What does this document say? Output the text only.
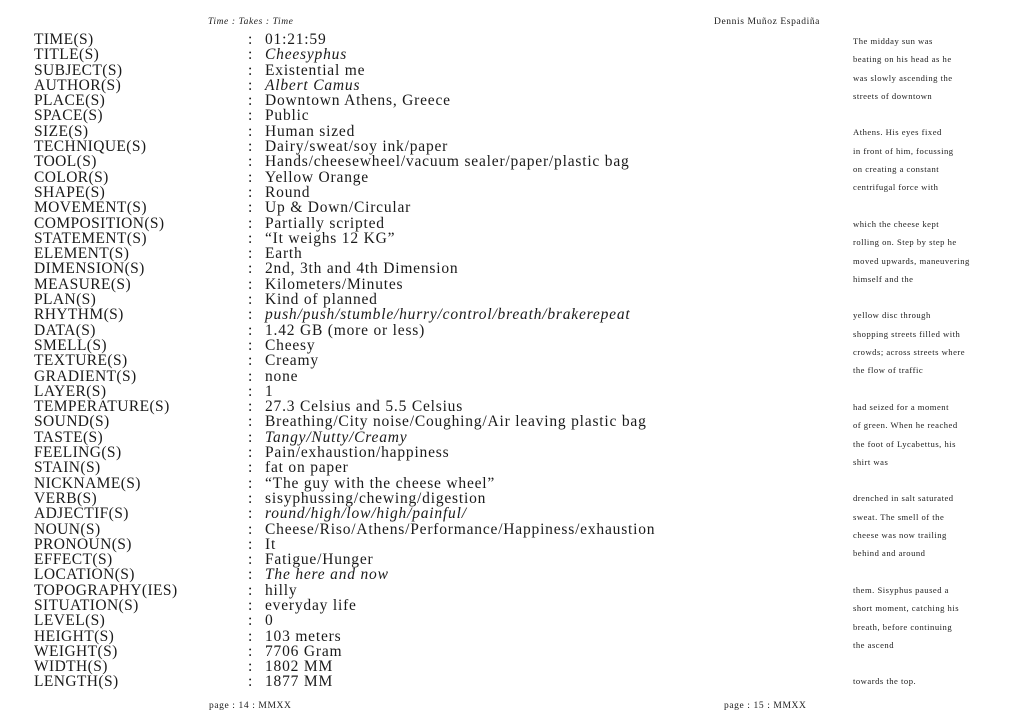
Time : Takes : Time	Dennis Muñoz Espadiña
TIME(S)	: 01:21:59
TITLE(S)	: Cheesyphus
SUBJECT(S)	: Existential me
AUTHOR(S)	: Albert Camus
PLACE(S)	: Downtown Athens, Greece
SPACE(S)	: Public
SIZE(S)	: Human sized
TECHNIQUE(S)	: Dairy/sweat/soy ink/paper
TOOL(S)	: Hands/cheesewheel/vacuum sealer/paper/plastic bag
COLOR(S)	: Yellow Orange
SHAPE(S)	: Round
MOVEMENT(S)	: Up & Down/Circular
COMPOSITION(S)	: Partially scripted
STATEMENT(S)	: “It weighs 12 KG”
ELEMENT(S)	: Earth
DIMENSION(S)	: 2nd, 3th and 4th Dimension
MEASURE(S)	: Kilometers/Minutes
PLAN(S)	: Kind of planned
RHYTHM(S)	: push/push/stumble/hurry/control/breath/brakerepeat
DATA(S)	: 1.42 GB (more or less)
SMELL(S)	: Cheesy
TEXTURE(S)	: Creamy
GRADIENT(S)	: none
LAYER(S)	: 1
TEMPERATURE(S)	: 27.3 Celsius and 5.5 Celsius
SOUND(S)	: Breathing/City noise/Coughing/Air leaving plastic bag
TASTE(S)	: Tangy/Nutty/Creamy
FEELING(S)	: Pain/exhaustion/happiness
STAIN(S)	: fat on paper
NICKNAME(S)	: “The guy with the cheese wheel”
VERB(S)	: sisyphussing/chewing/digestion
ADJECTIF(S)	: round/high/low/high/painful/
NOUN(S)	: Cheese/Riso/Athens/Performance/Happiness/exhaustion
PRONOUN(S)	: It
EFFECT(S)	: Fatigue/Hunger
LOCATION(S)	: The here and now
TOPOGRAPHY(IES)	: hilly
SITUATION(S)	: everyday life
LEVEL(S)	: 0
HEIGHT(S)	: 103 meters
WEIGHT(S)	: 7706 Gram
WIDTH(S)	: 1802 MM
LENGTH(S)	: 1877 MM
The midday sun was
beating on his head as he
was slowly ascending the
streets of downtown
Athens. His eyes fixed
in front of him, focussing
on creating a constant
centrifugal force with
which the cheese kept
rolling on. Step by step he
moved upwards, maneuvering
himself and the
yellow disc through
shopping streets filled with
crowds; across streets where
the flow of traffic
had seized for a moment
of green. When he reached
the foot of Lycabettus, his
shirt was
drenched in salt saturated
sweat. The smell of the
cheese was now trailing
behind and around
them. Sisyphus paused a
short moment, catching his
breath, before continuing
the ascend
towards the top.
page : 14 : MMXX	page : 15 : MMXX
